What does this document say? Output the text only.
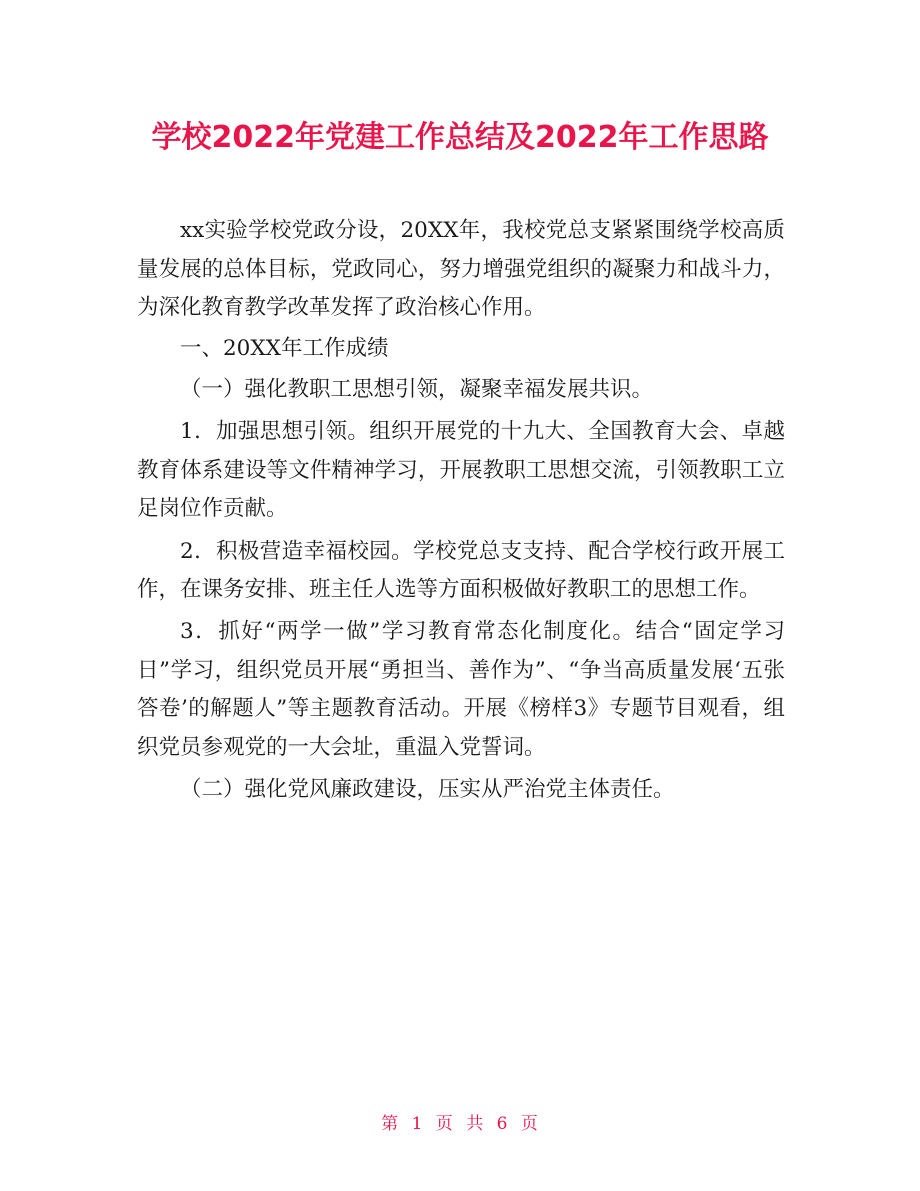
学校2022年党建工作总结及2022年工作思路

xx实验学校党政分设，20XX年，我校党总支紧紧围绕学校高质量发展的总体目标，党政同心，努力增强党组织的凝聚力和战斗力，为深化教育教学改革发挥了政治核心作用。

一、20XX年工作成绩

（一）强化教职工思想引领，凝聚幸福发展共识。

1．加强思想引领。组织开展党的十九大、全国教育大会、卓越教育体系建设等文件精神学习，开展教职工思想交流，引领教职工立足岗位作贡献。

2．积极营造幸福校园。学校党总支支持、配合学校行政开展工作，在课务安排、班主任人选等方面积极做好教职工的思想工作。

3．抓好“两学一做”学习教育常态化制度化。结合“固定学习日”学习，组织党员开展“勇担当、善作为”、“争当高质量发展‘五张答卷’的解题人”等主题教育活动。开展《榜样3》专题节目观看，组织党员参观党的一大会址，重温入党誓词。

（二）强化党风廉政建设，压实从严治党主体责任。

第 1 页 共 6 页
